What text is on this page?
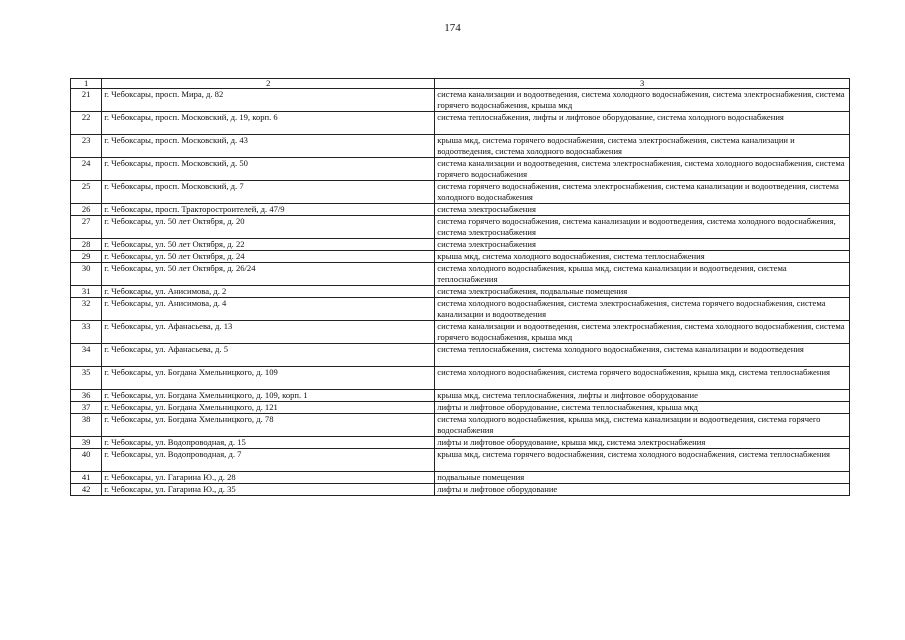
174
1	2	3
21	г. Чебоксары, просп. Мира, д. 82	система канализации и водоотведения, система холодного водоснабжения, система электроснабжения, система горячего водоснабжения, крыша мкд
22	г. Чебоксары, просп. Московский, д. 19, корп. 6	система теплоснабжения, лифты и лифтовое оборудование, система холодного водоснабжения
23	г. Чебоксары, просп. Московский, д. 43	крыша мкд, система горячего водоснабжения, система электроснабжения, система канализации и водоотведения, система холодного водоснабжения
24	г. Чебоксары, просп. Московский, д. 50	система канализации и водоотведения, система электроснабжения, система холодного водоснабжения, система горячего водоснабжения
25	г. Чебоксары, просп. Московский, д. 7	система горячего водоснабжения, система электроснабжения, система канализации и водоотведения, система холодного водоснабжения
26	г. Чебоксары, просп. Тракторостроителей, д. 47/9	система электроснабжения
27	г. Чебоксары, ул. 50 лет Октября, д. 20	система горячего водоснабжения, система канализации и водоотведения, система холодного водоснабжения, система электроснабжения
28	г. Чебоксары, ул. 50 лет Октября, д. 22	система электроснабжения
29	г. Чебоксары, ул. 50 лет Октября, д. 24	крыша мкд, система холодного водоснабжения, система теплоснабжения
30	г. Чебоксары, ул. 50 лет Октября, д. 26/24	система холодного водоснабжения, крыша мкд, система канализации и водоотведения, система теплоснабжения
31	г. Чебоксары, ул. Анисимова, д. 2	система электроснабжения, подвальные помещения
32	г. Чебоксары, ул. Анисимова, д. 4	система холодного водоснабжения, система электроснабжения, система горячего водоснабжения, система канализации и водоотведения
33	г. Чебоксары, ул. Афанасьева, д. 13	система канализации и водоотведения, система электроснабжения, система холодного водоснабжения, система горячего водоснабжения, крыша мкд
34	г. Чебоксары, ул. Афанасьева, д. 5	система теплоснабжения, система холодного водоснабжения, система канализации и водоотведения
35	г. Чебоксары, ул. Богдана Хмельницкого, д. 109	система холодного водоснабжения, система горячего водоснабжения, крыша мкд, система теплоснабжения
36	г. Чебоксары, ул. Богдана Хмельницкого, д. 109, корп. 1	крыша мкд, система теплоснабжения, лифты и лифтовое оборудование
37	г. Чебоксары, ул. Богдана Хмельницкого, д. 121	лифты и лифтовое оборудование, система теплоснабжения, крыша мкд
38	г. Чебоксары, ул. Богдана Хмельницкого, д. 78	система холодного водоснабжения, крыша мкд, система канализации и водоотведения, система горячего водоснабжения
39	г. Чебоксары, ул. Водопроводная, д. 15	лифты и лифтовое оборудование, крыша мкд, система электроснабжения
40	г. Чебоксары, ул. Водопроводная, д. 7	крыша мкд, система горячего водоснабжения, система холодного водоснабжения, система теплоснабжения
41	г. Чебоксары, ул. Гагарина Ю., д. 28	подвальные помещения
42	г. Чебоксары, ул. Гагарина Ю., д. 35	лифты и лифтовое оборудование
